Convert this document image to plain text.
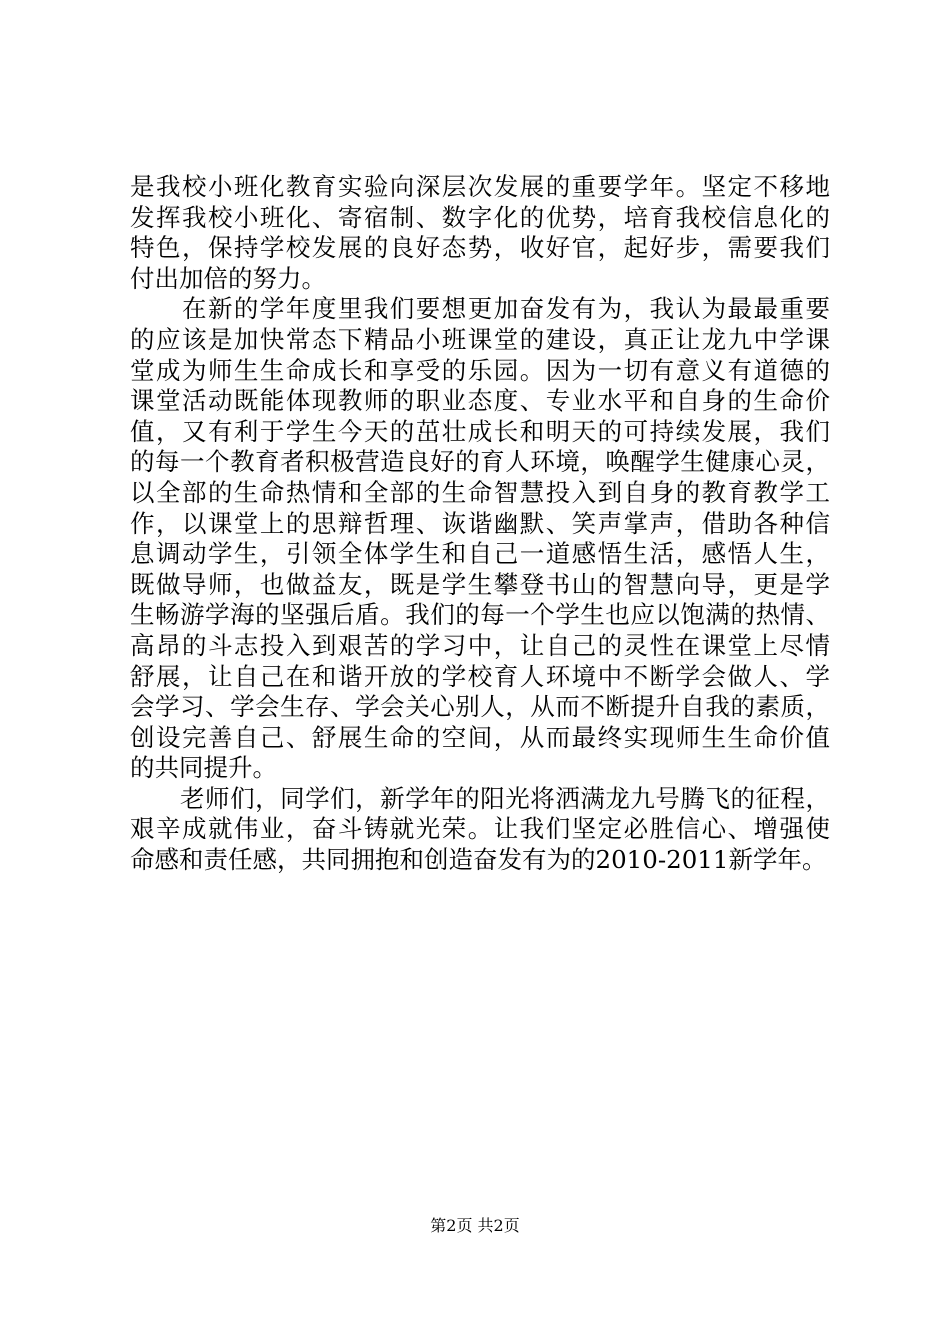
是我校小班化教育实验向深层次发展的重要学年。坚定不移地
发挥我校小班化、寄宿制、数字化的优势，培育我校信息化的
特色，保持学校发展的良好态势，收好官，起好步，需要我们
付出加倍的努力。
　　在新的学年度里我们要想更加奋发有为，我认为最最重要
的应该是加快常态下精品小班课堂的建设，真正让龙九中学课
堂成为师生生命成长和享受的乐园。因为一切有意义有道德的
课堂活动既能体现教师的职业态度、专业水平和自身的生命价
值，又有利于学生今天的茁壮成长和明天的可持续发展，我们
的每一个教育者积极营造良好的育人环境，唤醒学生健康心灵，
以全部的生命热情和全部的生命智慧投入到自身的教育教学工
作，以课堂上的思辩哲理、诙谐幽默、笑声掌声，借助各种信
息调动学生，引领全体学生和自己一道感悟生活，感悟人生，
既做导师，也做益友，既是学生攀登书山的智慧向导，更是学
生畅游学海的坚强后盾。我们的每一个学生也应以饱满的热情、
高昂的斗志投入到艰苦的学习中，让自己的灵性在课堂上尽情
舒展，让自己在和谐开放的学校育人环境中不断学会做人、学
会学习、学会生存、学会关心别人，从而不断提升自我的素质，
创设完善自己、舒展生命的空间，从而最终实现师生生命价值
的共同提升。
　　老师们，同学们，新学年的阳光将洒满龙九号腾飞的征程，
艰辛成就伟业，奋斗铸就光荣。让我们坚定必胜信心、增强使
命感和责任感，共同拥抱和创造奋发有为的2010-2011新学年。
第2页 共2页
